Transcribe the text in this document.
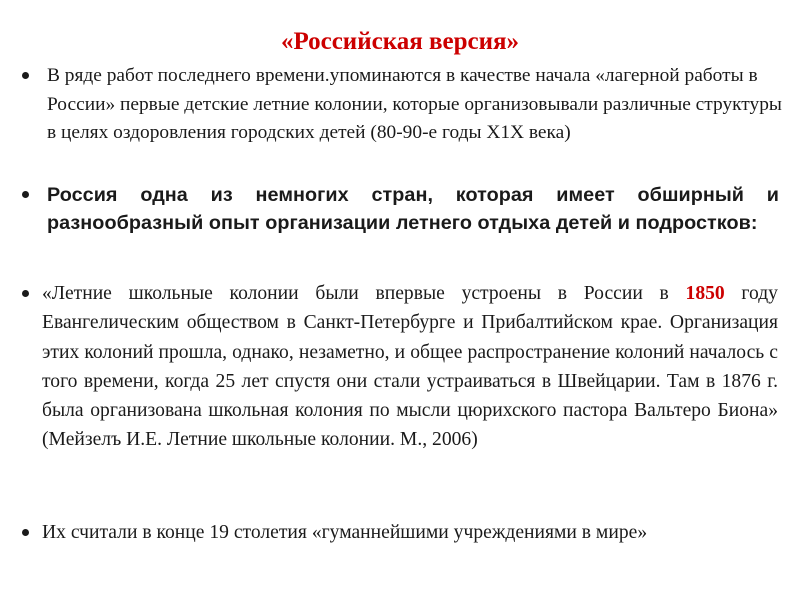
«Российская версия»
В ряде работ последнего времени.упоминаются в качестве начала «лагерной работы в России» первые детские летние колонии, которые организовывали различные структуры в целях оздоровления городских детей (80-90-е годы Х1Х века)
Россия одна из немногих стран, которая имеет обширный и разнообразный опыт организации летнего отдыха детей и подростков:
«Летние школьные колонии были впервые устроены в России в 1850 году Евангелическим обществом в Санкт-Петербурге и Прибалтийском крае. Организация этих колоний прошла, однако, незаметно, и общее распространение колоний началось с того времени, когда 25 лет спустя они стали устраиваться в Швейцарии. Там в 1876 г. была организована школьная колония по мысли цюрихского пастора Вальтеро Биона» (Мейзелъ И.Е. Летние школьные колонии. М., 2006)
Их считали в конце 19 столетия «гуманнейшими учреждениями в мире»
